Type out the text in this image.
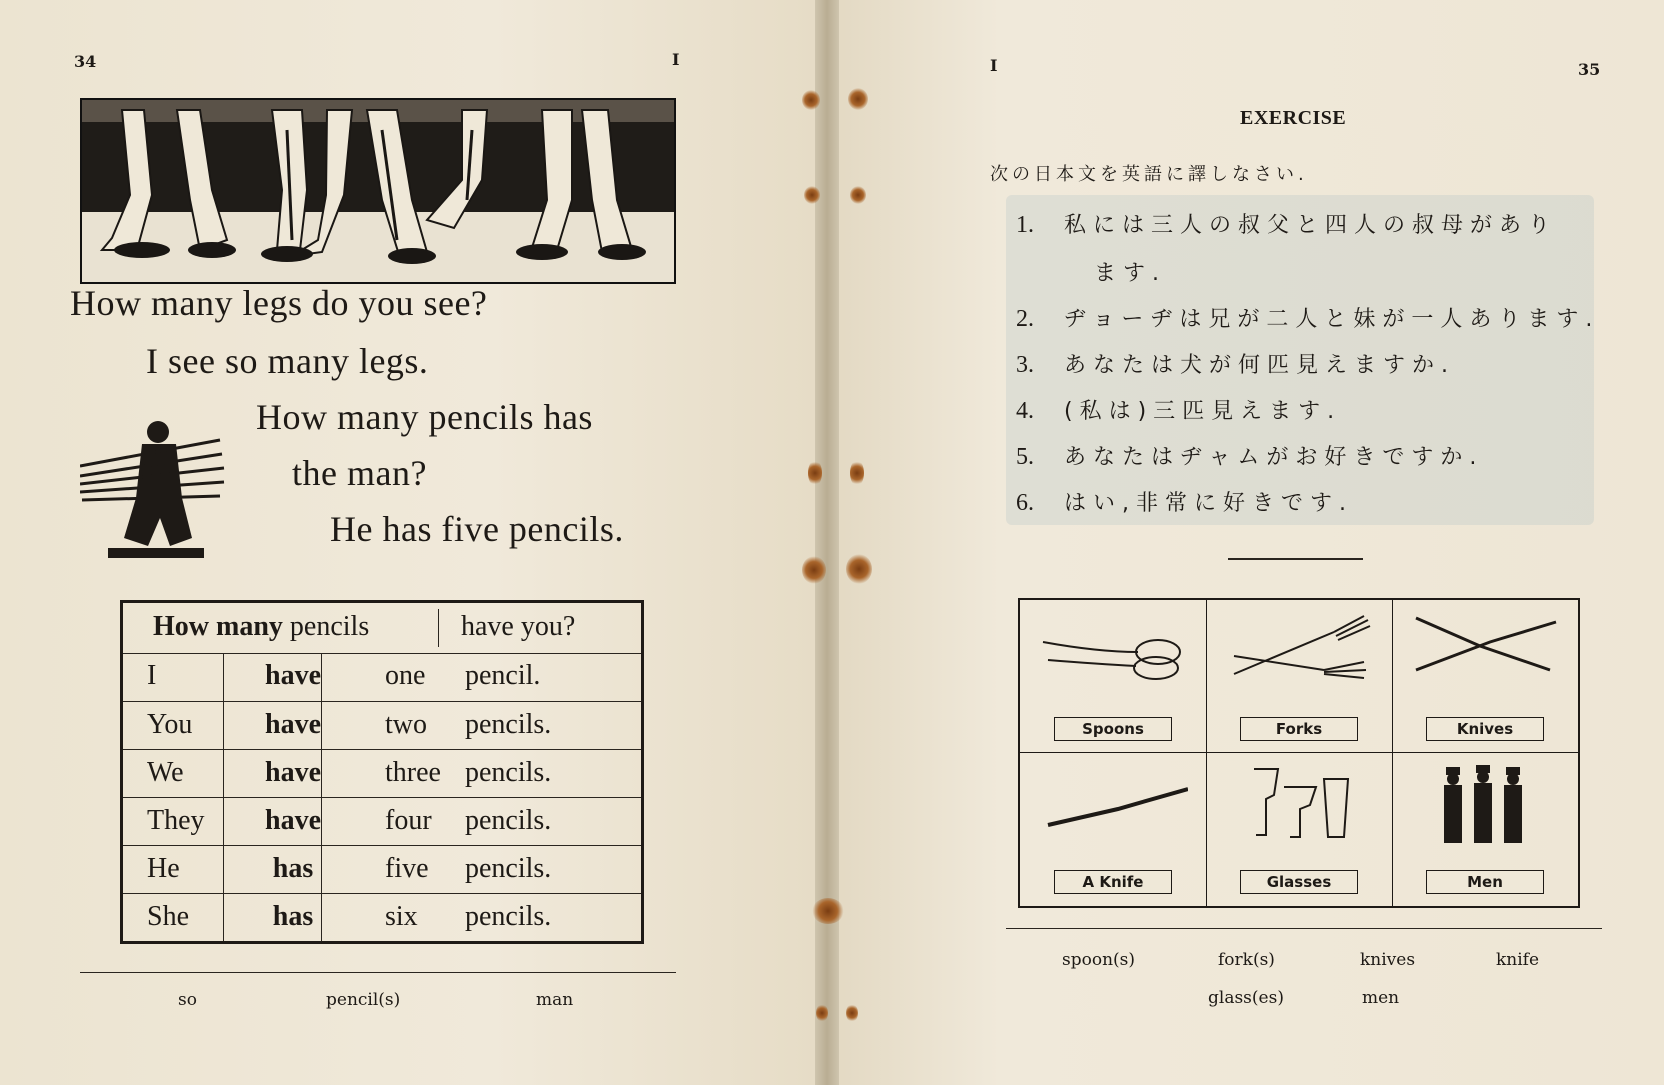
34	I
How many legs do you see?
I see so many legs.
How many pencils has
the man?
He has five pencils.
How many pencils	have you?
I	have	one pencil.
You	have	two pencils.
We	have	three pencils.
They	have	four pencils.
He	has	five pencils.
She	has	six pencils.
so	pencil(s)	man
I	35
EXERCISE
次の日本文を英語に譯しなさい.
1. 私には三人の叔父と四人の叔母があり
ます.
2. ヂョーヂは兄が二人と妹が一人あります.
3. あなたは犬が何匹見えますか.
4. (私は)三匹見えます.
5. あなたはヂャムがお好きですか.
6. はい,非常に好きです.
Spoons	Forks	Knives
A Knife	Glasses	Men
spoon(s)	fork(s)	knives	knife
glass(es)	men
